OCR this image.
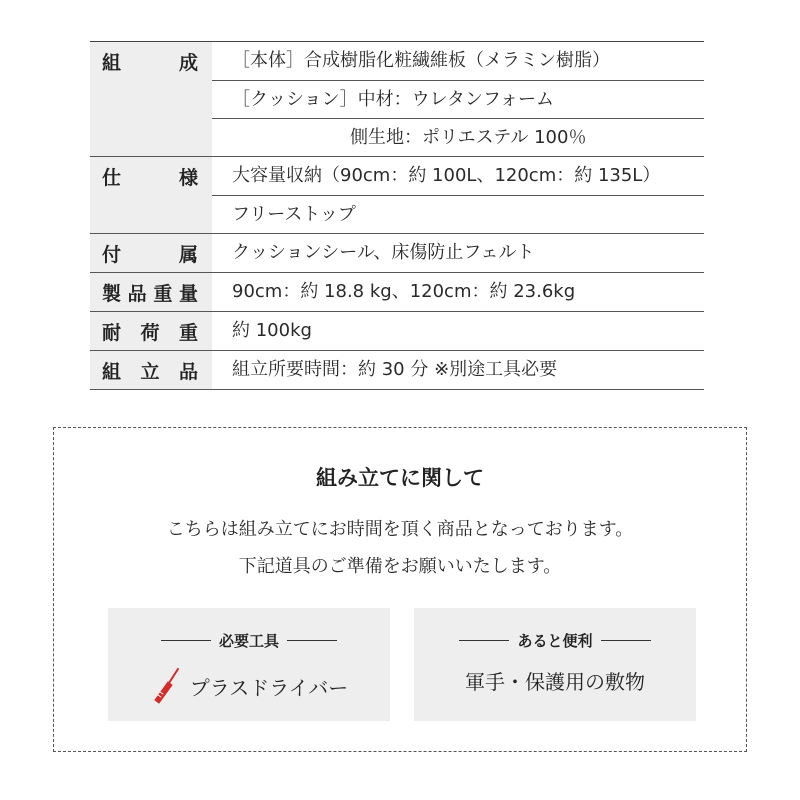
組	成	［本体］合成樹脂化粧繊維板（メラミン樹脂）
［クッション］中材：ウレタンフォーム
側生地：ポリエステル 100％
仕	様	大容量収納（90cm：約 100L、120cm：約 135L）
フリーストップ
付	属	クッションシール、床傷防止フェルト
製 品 重 量	90cm：約 18.8 kg、120cm：約 23.6kg
耐 荷 重	約 100kg
組 立 品	組立所要時間：約 30 分 ※別途工具必要
組み立てに関して
こちらは組み立てにお時間を頂く商品となっております。
下記道具のご準備をお願いいたします。
必要工具
プラスドライバー
あると便利
軍手・保護用の敷物
